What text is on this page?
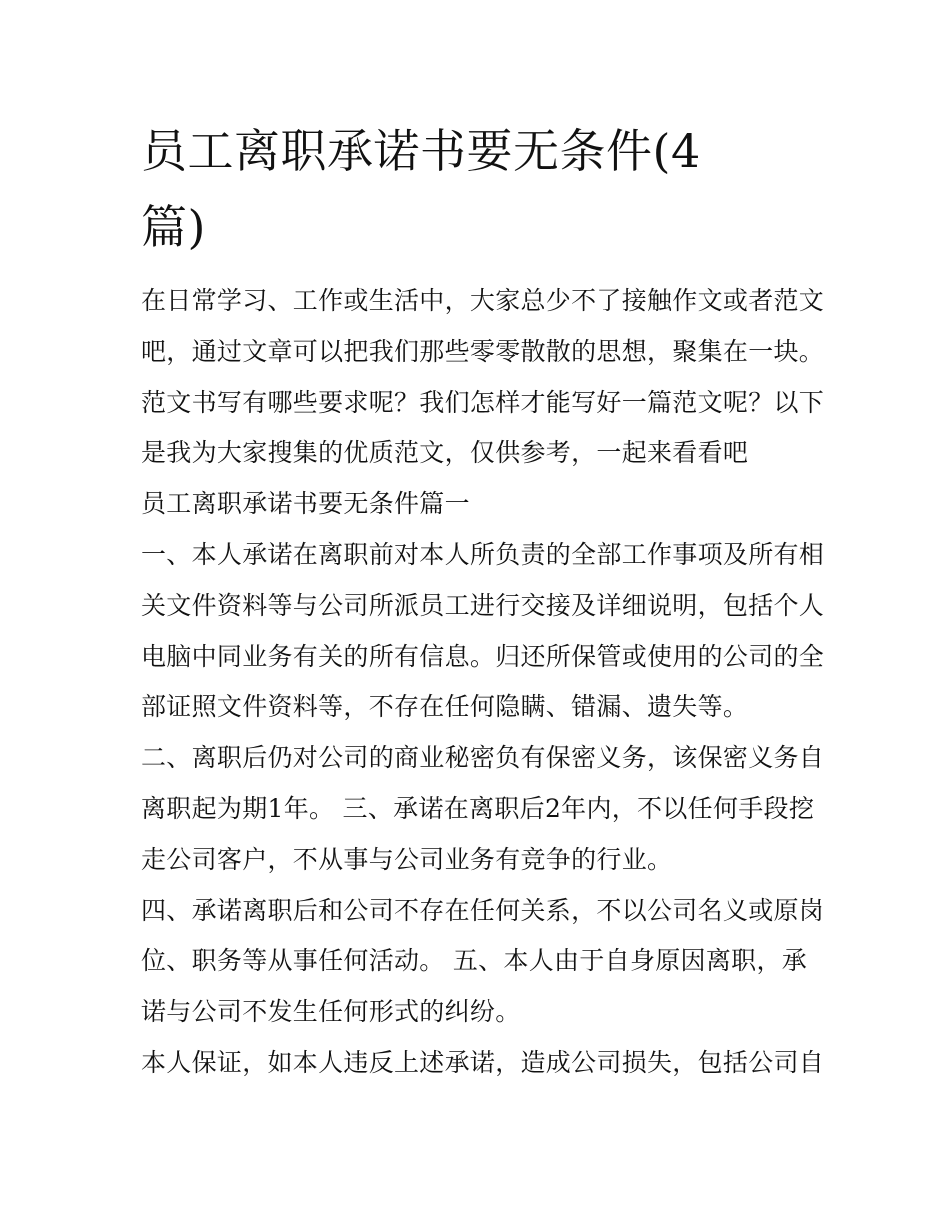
员工离职承诺书要无条件(4
篇)
在日常学习、工作或生活中，大家总少不了接触作文或者范文
吧，通过文章可以把我们那些零零散散的思想，聚集在一块。
范文书写有哪些要求呢？我们怎样才能写好一篇范文呢？以下
是我为大家搜集的优质范文，仅供参考，一起来看看吧
员工离职承诺书要无条件篇一
一、本人承诺在离职前对本人所负责的全部工作事项及所有相
关文件资料等与公司所派员工进行交接及详细说明，包括个人
电脑中同业务有关的所有信息。归还所保管或使用的公司的全
部证照文件资料等，不存在任何隐瞒、错漏、遗失等。
二、离职后仍对公司的商业秘密负有保密义务，该保密义务自
离职起为期1年。 三、承诺在离职后2年内，不以任何手段挖
走公司客户，不从事与公司业务有竞争的行业。
四、承诺离职后和公司不存在任何关系，不以公司名义或原岗
位、职务等从事任何活动。 五、本人由于自身原因离职，承
诺与公司不发生任何形式的纠纷。
本人保证，如本人违反上述承诺，造成公司损失，包括公司自
